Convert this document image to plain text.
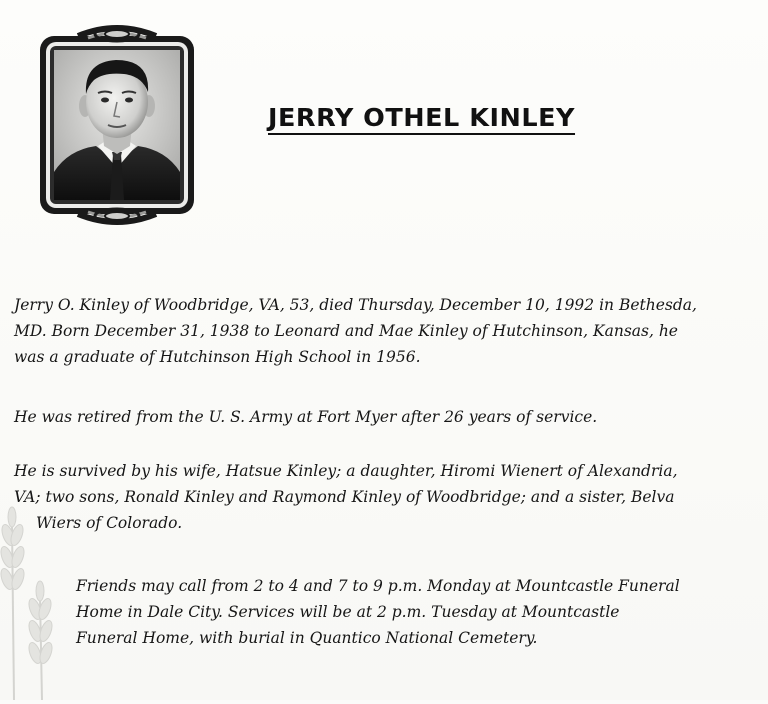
JERRY OTHEL KINLEY
Jerry O. Kinley of Woodbridge, VA, 53, died Thursday, December 10, 1992 in Bethesda,
MD. Born December 31, 1938 to Leonard and Mae Kinley of Hutchinson, Kansas, he
was a graduate of Hutchinson High School in 1956.
He was retired from the U. S. Army at Fort Myer after 26 years of service.
He is survived by his wife, Hatsue Kinley; a daughter, Hiromi Wienert of Alexandria,
VA; two sons, Ronald Kinley and Raymond Kinley of Woodbridge; and a sister, Belva
Wiers of Colorado.
Friends may call from 2 to 4 and 7 to 9 p.m. Monday at Mountcastle Funeral
Home in Dale City. Services will be at 2 p.m. Tuesday at Mountcastle
Funeral Home, with burial in Quantico National Cemetery.
